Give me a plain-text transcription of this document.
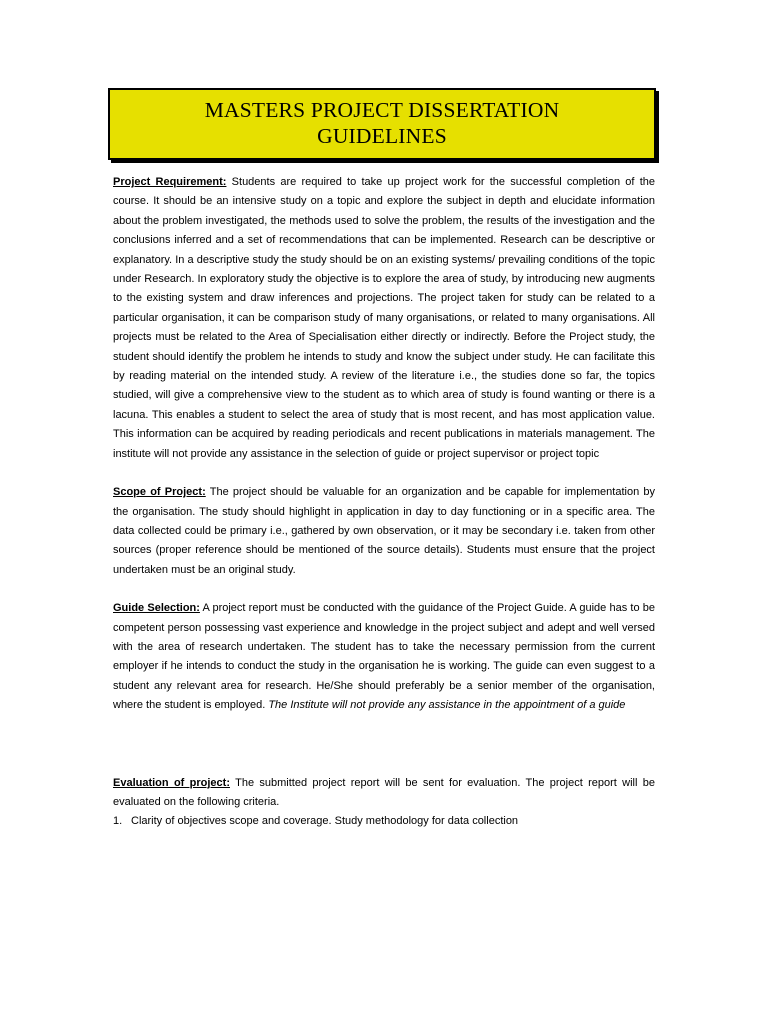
MASTERS PROJECT DISSERTATION
GUIDELINES

Project Requirement: Students are required to take up project work for the successful completion of the course. It should be an intensive study on a topic and explore the subject in depth and elucidate information about the problem investigated, the methods used to solve the problem, the results of the investigation and the conclusions inferred and a set of recommendations that can be implemented. Research can be descriptive or explanatory. In a descriptive study the study should be on an existing systems/ prevailing conditions of the topic under Research. In exploratory study the objective is to explore the area of study, by introducing new augments to the existing system and draw inferences and projections. The project taken for study can be related to a particular organisation, it can be comparison study of many organisations, or related to many organisations. All projects must be related to the Area of Specialisation either directly or indirectly. Before the Project study, the student should identify the problem he intends to study and know the subject under study. He can facilitate this by reading material on the intended study. A review of the literature i.e., the studies done so far, the topics studied, will give a comprehensive view to the student as to which area of study is found wanting or there is a lacuna. This enables a student to select the area of study that is most recent, and has most application value. This information can be acquired by reading periodicals and recent publications in materials management. The institute will not provide any assistance in the selection of guide or project supervisor or project topic

Scope of Project: The project should be valuable for an organization and be capable for implementation by the organisation. The study should highlight in application in day to day functioning or in a specific area. The data collected could be primary i.e., gathered by own observation, or it may be secondary i.e. taken from other sources (proper reference should be mentioned of the source details). Students must ensure that the project undertaken must be an original study.

Guide Selection: A project report must be conducted with the guidance of the Project Guide. A guide has to be competent person possessing vast experience and knowledge in the project subject and adept and well versed with the area of research undertaken. The student has to take the necessary permission from the current employer if he intends to conduct the study in the organisation he is working. The guide can even suggest to a student any relevant area for research. He/She should preferably be a senior member of the organisation, where the student is employed. The Institute will not provide any assistance in the appointment of a guide

Evaluation of project: The submitted project report will be sent for evaluation. The project report will be evaluated on the following criteria.

1. Clarity of objectives scope and coverage. Study methodology for data collection
